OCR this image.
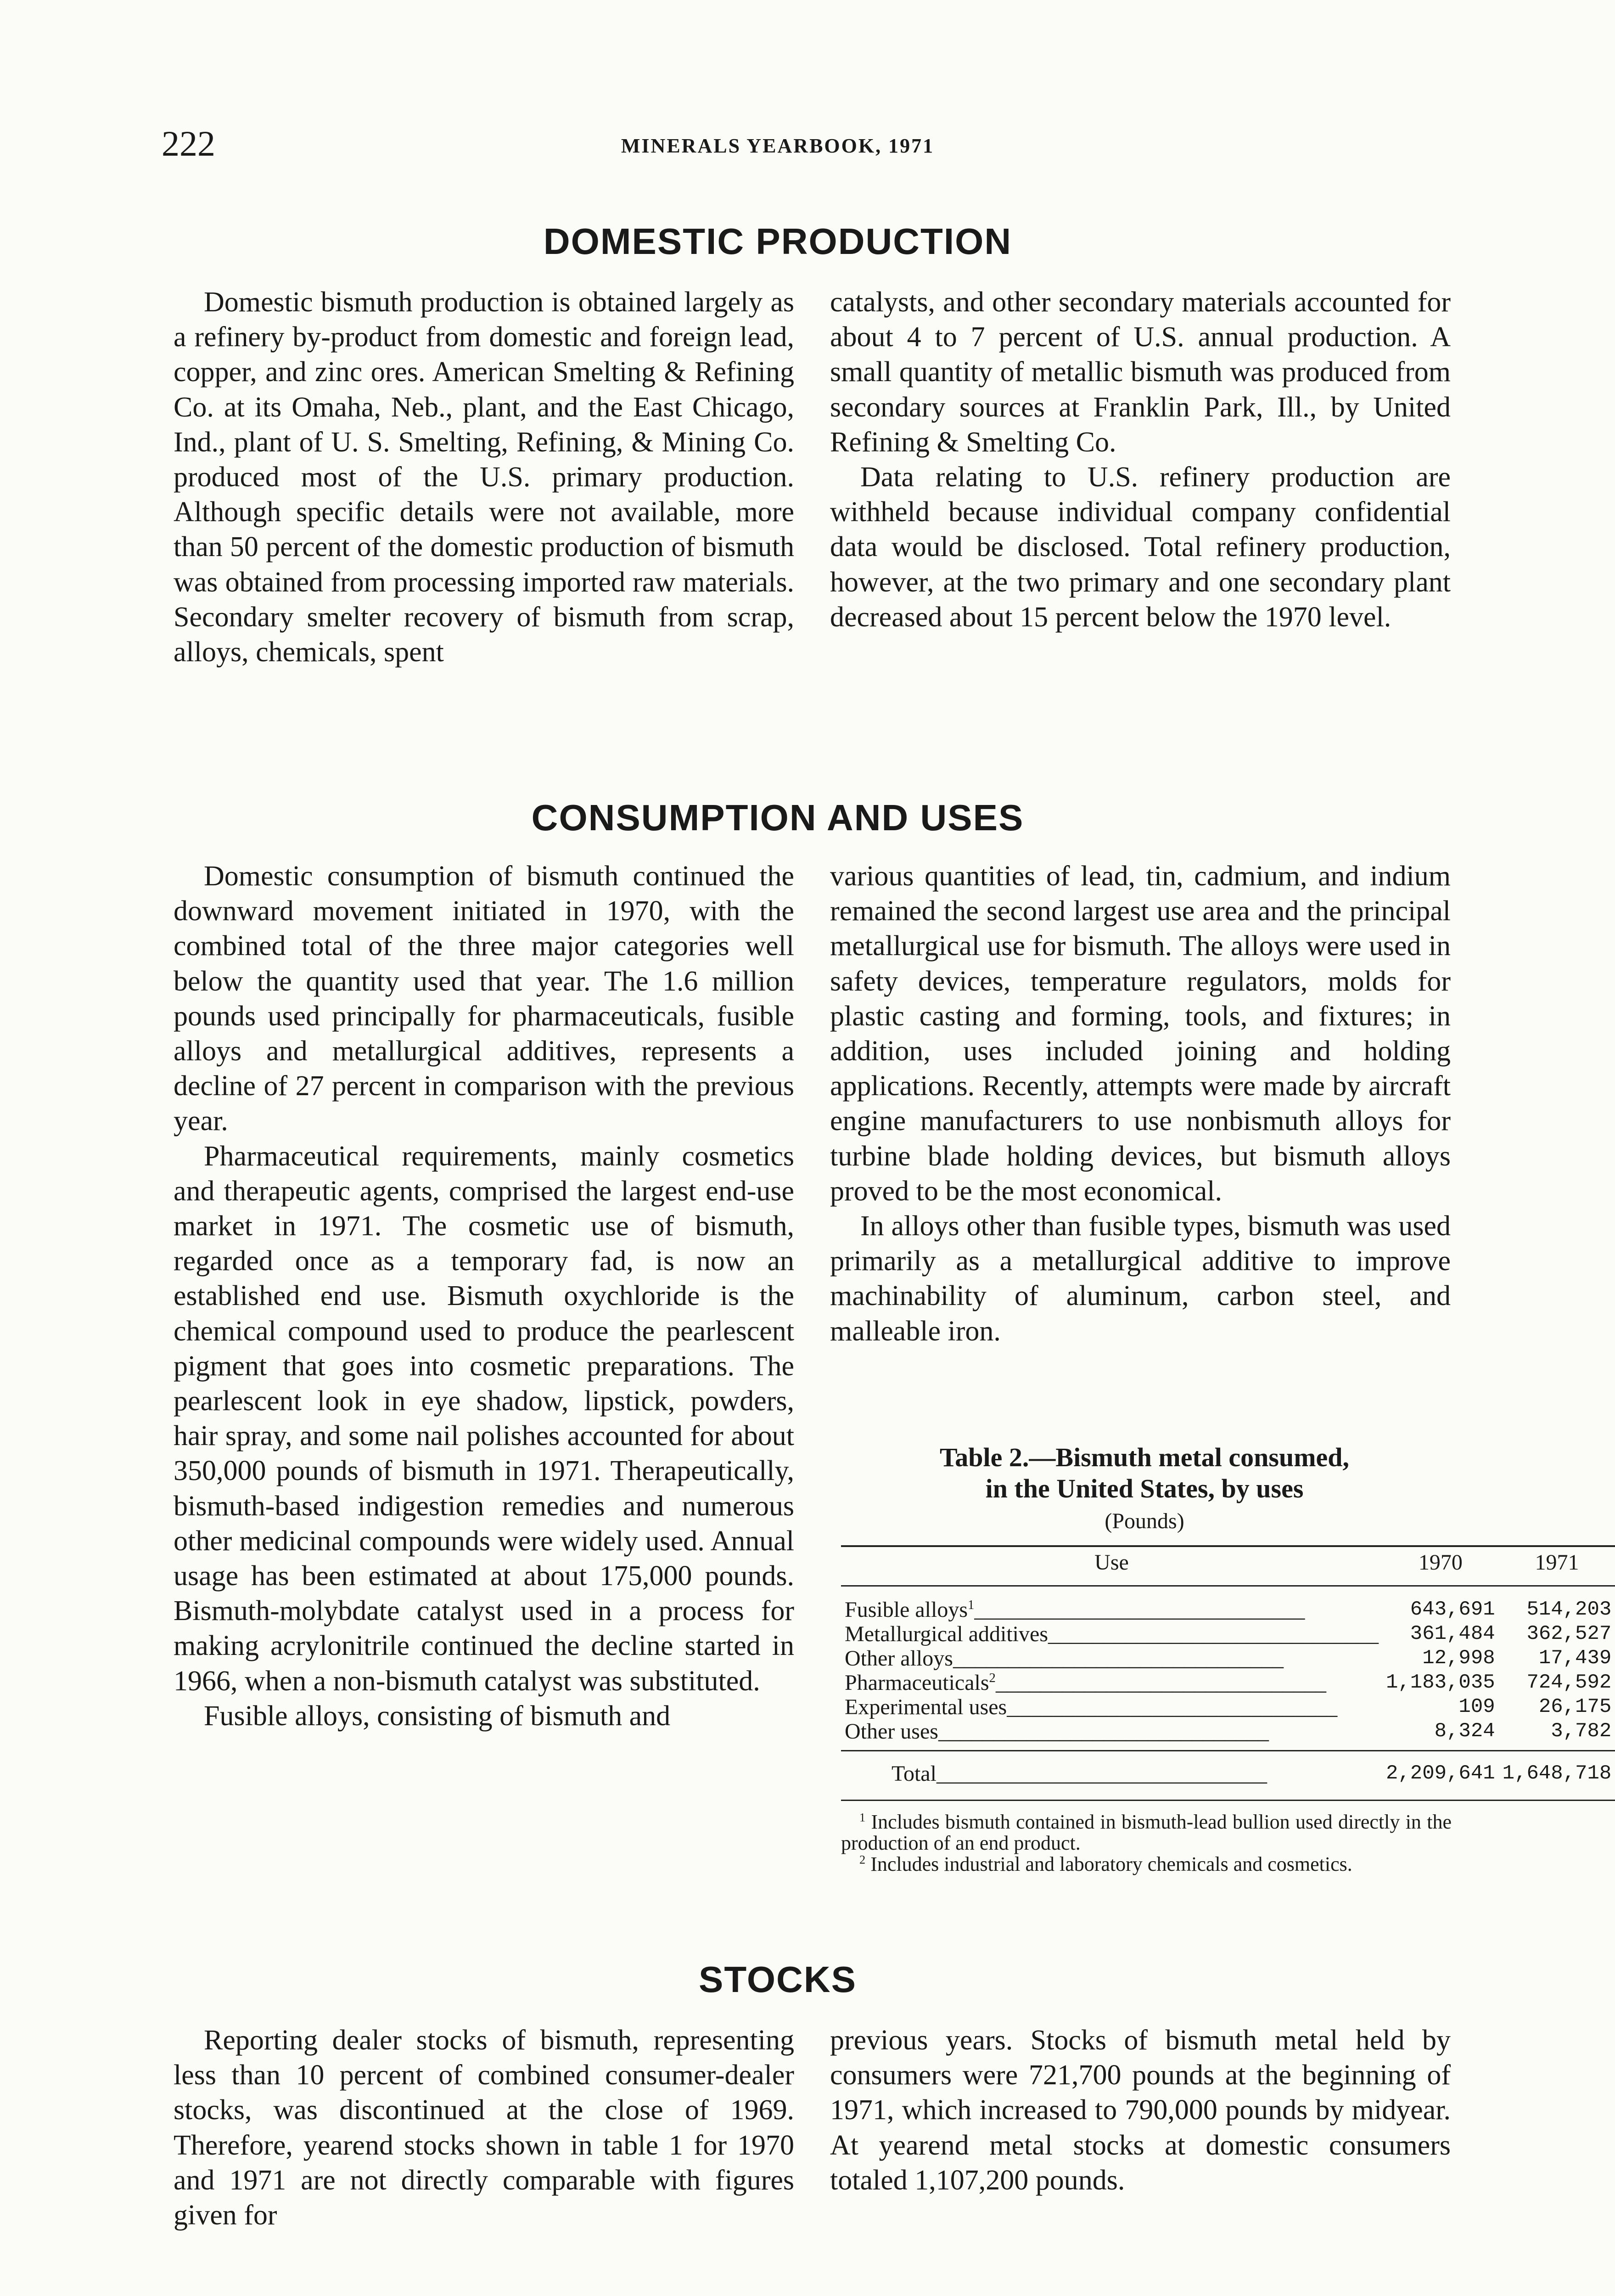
222	MINERALS YEARBOOK, 1971
DOMESTIC PRODUCTION

Domestic bismuth production is obtained largely as a refinery by-product from domestic and foreign lead, copper, and zinc ores. American Smelting & Refining Co. at its Omaha, Neb., plant, and the East Chicago, Ind., plant of U. S. Smelting, Refining, & Mining Co. produced most of the U.S. primary production. Although specific details were not available, more than 50 percent of the domestic production of bismuth was obtained from processing imported raw materials. Secondary smelter recovery of bismuth from scrap, alloys, chemicals, spent

catalysts, and other secondary materials accounted for about 4 to 7 percent of U.S. annual production. A small quantity of metallic bismuth was produced from secondary sources at Franklin Park, Ill., by United Refining & Smelting Co.

Data relating to U.S. refinery production are withheld because individual company confidential data would be disclosed. Total refinery production, however, at the two primary and one secondary plant decreased about 15 percent below the 1970 level.

CONSUMPTION AND USES

Domestic consumption of bismuth continued the downward movement initiated in 1970, with the combined total of the three major categories well below the quantity used that year. The 1.6 million pounds used principally for pharmaceuticals, fusible alloys and metallurgical additives, represents a decline of 27 percent in comparison with the previous year.

Pharmaceutical requirements, mainly cosmetics and therapeutic agents, comprised the largest end-use market in 1971. The cosmetic use of bismuth, regarded once as a temporary fad, is now an established end use. Bismuth oxychloride is the chemical compound used to produce the pearlescent pigment that goes into cosmetic preparations. The pearlescent look in eye shadow, lipstick, powders, hair spray, and some nail polishes accounted for about 350,000 pounds of bismuth in 1971. Therapeutically, bismuth-based indigestion remedies and numerous other medicinal compounds were widely used. Annual usage has been estimated at about 175,000 pounds. Bismuth-molybdate catalyst used in a process for making acrylonitrile continued the decline started in 1966, when a non-bismuth catalyst was substituted.

Fusible alloys, consisting of bismuth and

various quantities of lead, tin, cadmium, and indium remained the second largest use area and the principal metallurgical use for bismuth. The alloys were used in safety devices, temperature regulators, molds for plastic casting and forming, tools, and fixtures; in addition, uses included joining and holding applications. Recently, attempts were made by aircraft engine manufacturers to use nonbismuth alloys for turbine blade holding devices, but bismuth alloys proved to be the most economical.

In alloys other than fusible types, bismuth was used primarily as a metallurgical additive to improve machinability of aluminum, carbon steel, and malleable iron.

Table 2.—Bismuth metal consumed,
in the United States, by uses
(Pounds)
Use	1970	1971
Fusible alloys$^1$______________________________	643,691	514,203
Metallurgical additives______________________________	361,484	362,527
Other alloys______________________________	12,998	17,439
Pharmaceuticals$^2$______________________________	1,183,035	724,592
Experimental uses______________________________	109	26,175
Other uses______________________________	8,324	3,782
Total______________________________	2,209,641	1,648,718

$^1$ Includes bismuth contained in bismuth-lead bullion used directly in the production of an end product.

$^2$ Includes industrial and laboratory chemicals and cosmetics.

STOCKS

Reporting dealer stocks of bismuth, representing less than 10 percent of combined consumer-dealer stocks, was discontinued at the close of 1969. Therefore, yearend stocks shown in table 1 for 1970 and 1971 are not directly comparable with figures given for

previous years. Stocks of bismuth metal held by consumers were 721,700 pounds at the beginning of 1971, which increased to 790,000 pounds by midyear. At yearend metal stocks at domestic consumers totaled 1,107,200 pounds.
